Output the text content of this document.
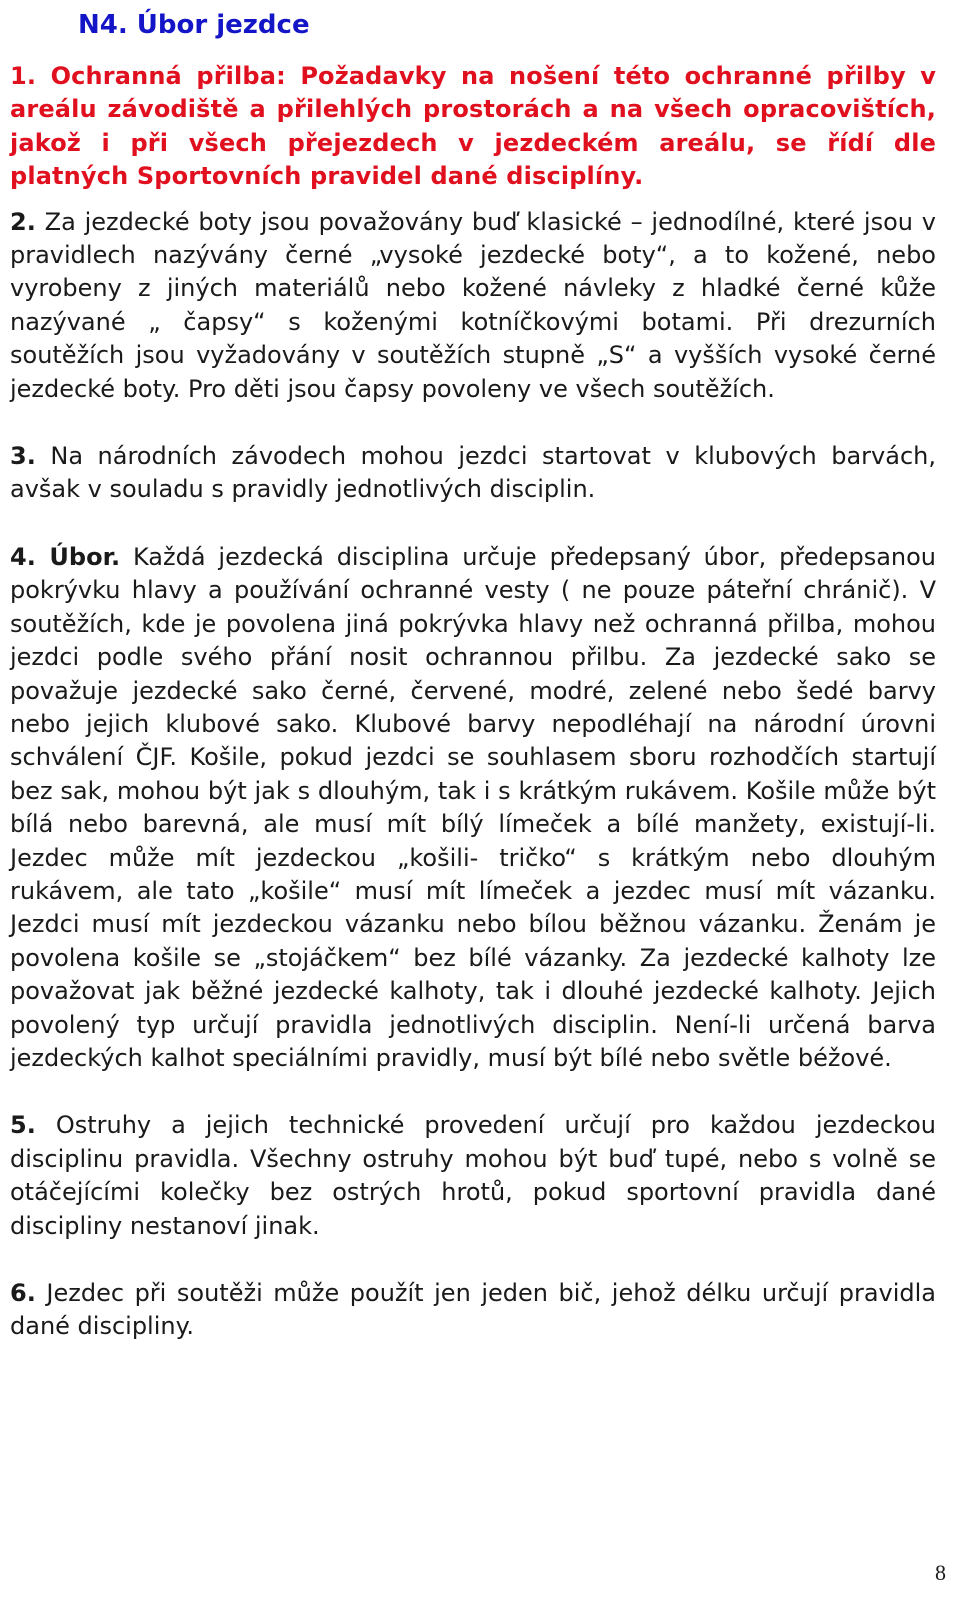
N4. Úbor jezdce

1. Ochranná přilba: Požadavky na nošení této ochranné přilby v areálu závodiště a přilehlých prostorách a na všech opracovištích, jakož i při všech přejezdech v jezdeckém areálu, se řídí dle platných Sportovních pravidel dané disciplíny.

2. Za jezdecké boty jsou považovány buď klasické – jednodílné, které jsou v pravidlech nazývány černé „vysoké jezdecké boty“, a to kožené, nebo vyrobeny z jiných materiálů nebo kožené návleky z hladké černé kůže nazývané „ čapsy“ s koženými kotníčkovými botami. Při drezurních soutěžích jsou vyžadovány v soutěžích stupně „S“ a vyšších vysoké černé jezdecké boty. Pro děti jsou čapsy povoleny ve všech soutěžích.

3. Na národních závodech mohou jezdci startovat v klubových barvách, avšak v souladu s pravidly jednotlivých disciplin.

4. Úbor. Každá jezdecká disciplina určuje předepsaný úbor, předepsanou pokrývku hlavy a používání ochranné vesty ( ne pouze páteřní chránič). V soutěžích, kde je povolena jiná pokrývka hlavy než ochranná přilba, mohou jezdci podle svého přání nosit ochrannou přilbu. Za jezdecké sako se považuje jezdecké sako černé, červené, modré, zelené nebo šedé barvy nebo jejich klubové sako. Klubové barvy nepodléhají na národní úrovni schválení ČJF. Košile, pokud jezdci se souhlasem sboru rozhodčích startují bez sak, mohou být jak s dlouhým, tak i s krátkým rukávem. Košile může být bílá nebo barevná, ale musí mít bílý límeček a bílé manžety, existují-li. Jezdec může mít jezdeckou „košili- tričko“ s krátkým nebo dlouhým rukávem, ale tato „košile“ musí mít límeček a jezdec musí mít vázanku. Jezdci musí mít jezdeckou vázanku nebo bílou běžnou vázanku. Ženám je povolena košile se „stojáčkem“ bez bílé vázanky. Za jezdecké kalhoty lze považovat jak běžné jezdecké kalhoty, tak i dlouhé jezdecké kalhoty. Jejich povolený typ určují pravidla jednotlivých disciplin. Není-li určená barva jezdeckých kalhot speciálními pravidly, musí být bílé nebo světle béžové.

5. Ostruhy a jejich technické provedení určují pro každou jezdeckou disciplinu pravidla. Všechny ostruhy mohou být buď tupé, nebo s volně se otáčejícími kolečky bez ostrých hrotů, pokud sportovní pravidla dané discipliny nestanoví jinak.

6. Jezdec při soutěži může použít jen jeden bič, jehož délku určují pravidla dané discipliny.

8
